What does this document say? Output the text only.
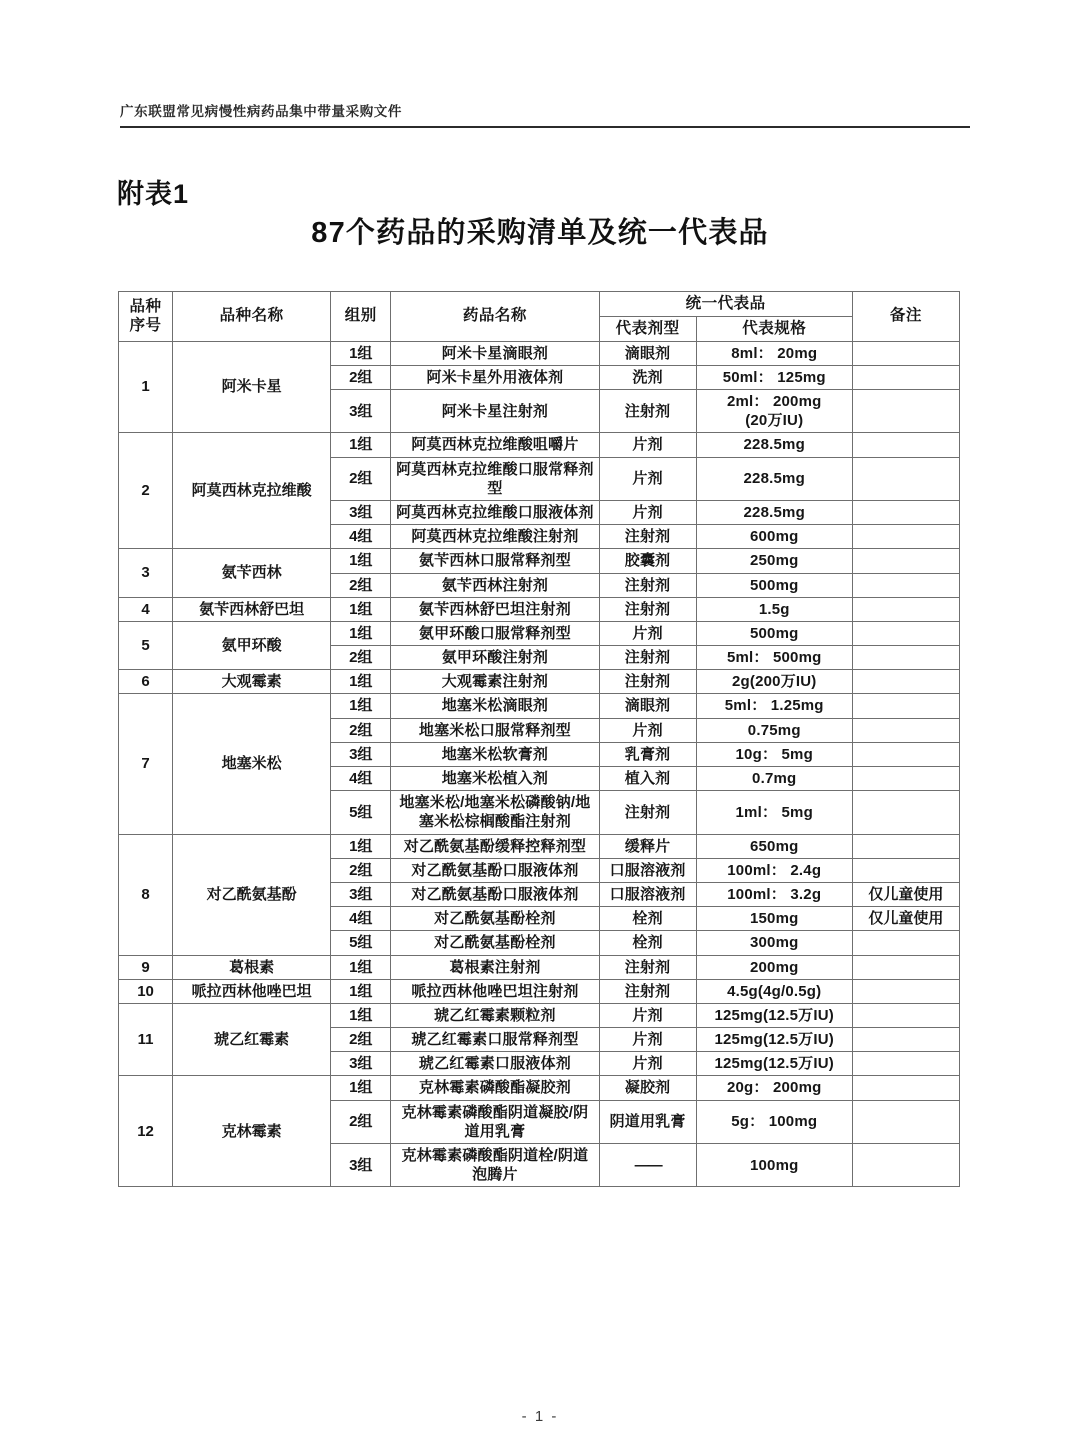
广东联盟常见病慢性病药品集中带量采购文件
附表1
87个药品的采购清单及统一代表品
品种
序号	品种名称	组别	药品名称	统一代表品		备注
				代表剂型	代表规格	
1	阿米卡星	1组	阿米卡星滴眼剂	滴眼剂	8ml： 20mg	
		2组	阿米卡星外用液体剂	洗剂	50ml： 125mg	
		3组	阿米卡星注射剂	注射剂	2ml： 200mg
(20万IU)	

2	阿莫西林克拉维酸	1组	阿莫西林克拉维酸咀嚼片	片剂	228.5mg	
		2组	阿莫西林克拉维酸口服常释剂型	片剂	228.5mg	
		3组	阿莫西林克拉维酸口服液体剂	片剂	228.5mg	
		4组	阿莫西林克拉维酸注射剂	注射剂	600mg	
3	氨苄西林	1组	氨苄西林口服常释剂型	胶囊剂	250mg	
		2组	氨苄西林注射剂	注射剂	500mg	
4	氨苄西林舒巴坦	1组	氨苄西林舒巴坦注射剂	注射剂	1.5g	
5	氨甲环酸	1组	氨甲环酸口服常释剂型	片剂	500mg	
		2组	氨甲环酸注射剂	注射剂	5ml： 500mg	
6	大观霉素	1组	大观霉素注射剂	注射剂	2g(200万IU)	
7	地塞米松	1组	地塞米松滴眼剂	滴眼剂	5ml： 1.25mg	
		2组	地塞米松口服常释剂型	片剂	0.75mg	
		3组	地塞米松软膏剂	乳膏剂	10g： 5mg	
		4组	地塞米松植入剂	植入剂	0.7mg	
		5组	地塞米松/地塞米松磷酸钠/地塞米松棕榈酸酯注射剂	注射剂	1ml： 5mg	
8	对乙酰氨基酚	1组	对乙酰氨基酚缓释控释剂型	缓释片	650mg	
		2组	对乙酰氨基酚口服液体剂	口服溶液剂	100ml： 2.4g	
		3组	对乙酰氨基酚口服液体剂	口服溶液剂	100ml： 3.2g	仅儿童使用
		4组	对乙酰氨基酚栓剂	栓剂	150mg	仅儿童使用
		5组	对乙酰氨基酚栓剂	栓剂	300mg	
9	葛根素	1组	葛根素注射剂	注射剂	200mg	
10	哌拉西林他唑巴坦	1组	哌拉西林他唑巴坦注射剂	注射剂	4.5g(4g/0.5g)	
11	琥乙红霉素	1组	琥乙红霉素颗粒剂	片剂	125mg(12.5万IU)	
		2组	琥乙红霉素口服常释剂型	片剂	125mg(12.5万IU)	
		3组	琥乙红霉素口服液体剂	片剂	125mg(12.5万IU)	
12	克林霉素	1组	克林霉素磷酸酯凝胶剂	凝胶剂	20g： 200mg	
		2组	克林霉素磷酸酯阴道凝胶/阴道用乳膏	阴道用乳膏	5g： 100mg	
		3组	克林霉素磷酸酯阴道栓/阴道泡腾片	——	100mg	
- 1 -
